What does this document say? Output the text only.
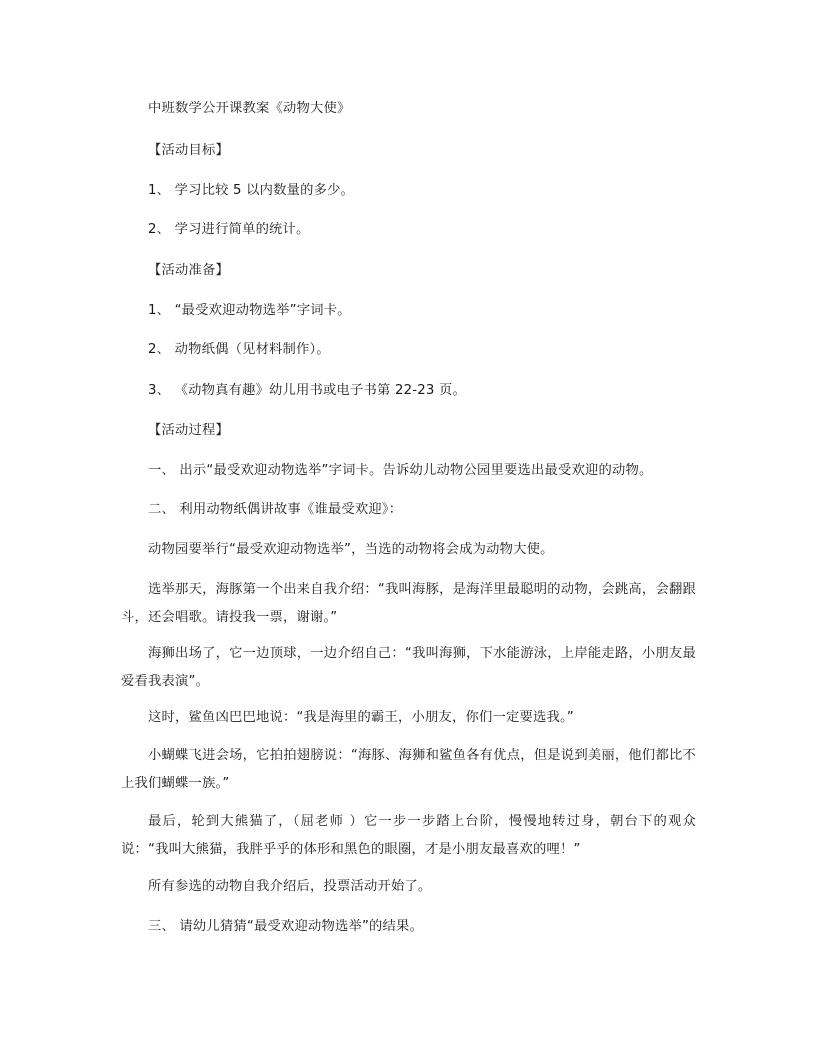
中班数学公开课教案《动物大使》
【活动目标】
1、 学习比较 5 以内数量的多少。
2、 学习进行简单的统计。
【活动准备】
1、 “最受欢迎动物选举”字词卡。
2、 动物纸偶（见材料制作）。
3、 《动物真有趣》幼儿用书或电子书第 22-23 页。
【活动过程】
一、 出示“最受欢迎动物选举”字词卡。告诉幼儿动物公园里要选出最受欢迎的动物。
二、 利用动物纸偶讲故事《谁最受欢迎》：
动物园要举行“最受欢迎动物选举”，当选的动物将会成为动物大使。
选举那天，海豚第一个出来自我介绍：“我叫海豚，是海洋里最聪明的动物，会跳高，会翻跟斗，还会唱歌。请投我一票，谢谢。”
海狮出场了，它一边顶球，一边介绍自己：“我叫海狮，下水能游泳，上岸能走路，小朋友最爱看我表演”。
这时，鲨鱼凶巴巴地说：“我是海里的霸王，小朋友，你们一定要选我。”
小蝴蝶飞进会场，它拍拍翅膀说：“海豚、海狮和鲨鱼各有优点，但是说到美丽，他们都比不上我们蝴蝶一族。”
最后，轮到大熊猫了，（屈老师 ）它一步一步踏上台阶，慢慢地转过身，朝台下的观众说：“我叫大熊猫，我胖乎乎的体形和黑色的眼圈，才是小朋友最喜欢的哩！”
所有参选的动物自我介绍后，投票活动开始了。
三、 请幼儿猜猜“最受欢迎动物选举”的结果。
